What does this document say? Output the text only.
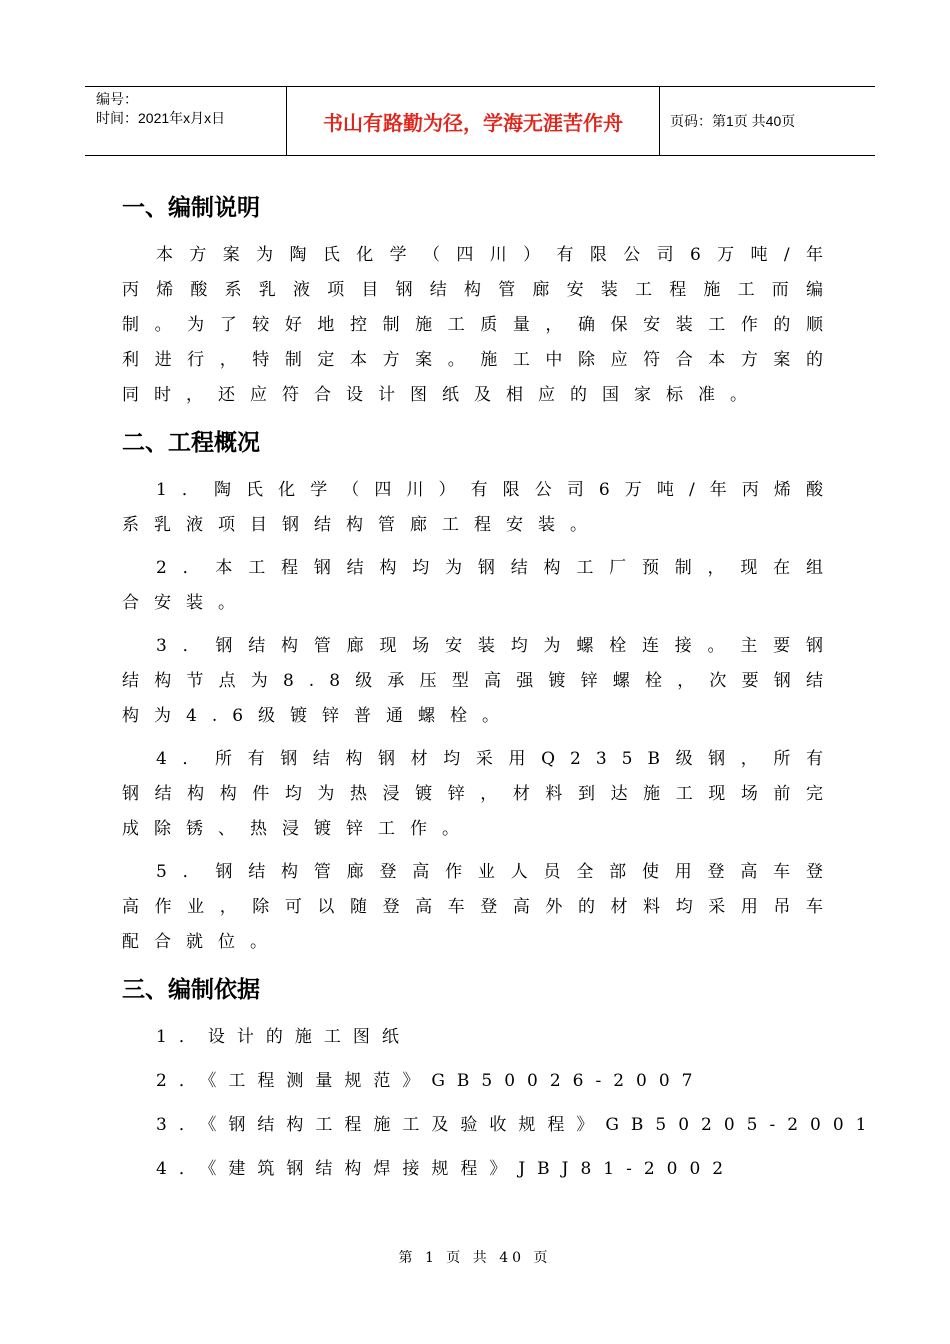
编号：
时间：2021年x月x日	书山有路勤为径，学海无涯苦作舟	页码：第1页 共40页
一、编制说明

本方案为陶氏化学（四川）有限公司6万吨/年丙烯酸系乳液项目钢结构管廊安装工程施工而编制。为了较好地控制施工质量，确保安装工作的顺利进行，特制定本方案。施工中除应符合本方案的同时，还应符合设计图纸及相应的国家标准。

二、工程概况

1．陶氏化学（四川）有限公司6万吨/年丙烯酸系乳液项目钢结构管廊工程安装。

2．本工程钢结构均为钢结构工厂预制，现在组合安装。

3．钢结构管廊现场安装均为螺栓连接。主要钢结构节点为8.8级承压型高强镀锌螺栓，次要钢结构为4.6级镀锌普通螺栓。

4．所有钢结构钢材均采用Q235B级钢，所有钢结构构件均为热浸镀锌，材料到达施工现场前完成除锈、热浸镀锌工作。

5．钢结构管廊登高作业人员全部使用登高车登高作业，除可以随登高车登高外的材料均采用吊车配合就位。

三、编制依据

1．设计的施工图纸

2．《工程测量规范》GB50026-2007

3．《钢结构工程施工及验收规程》GB50205-2001

4．《建筑钢结构焊接规程》JBJ81-2002

第 1 页 共 40 页
